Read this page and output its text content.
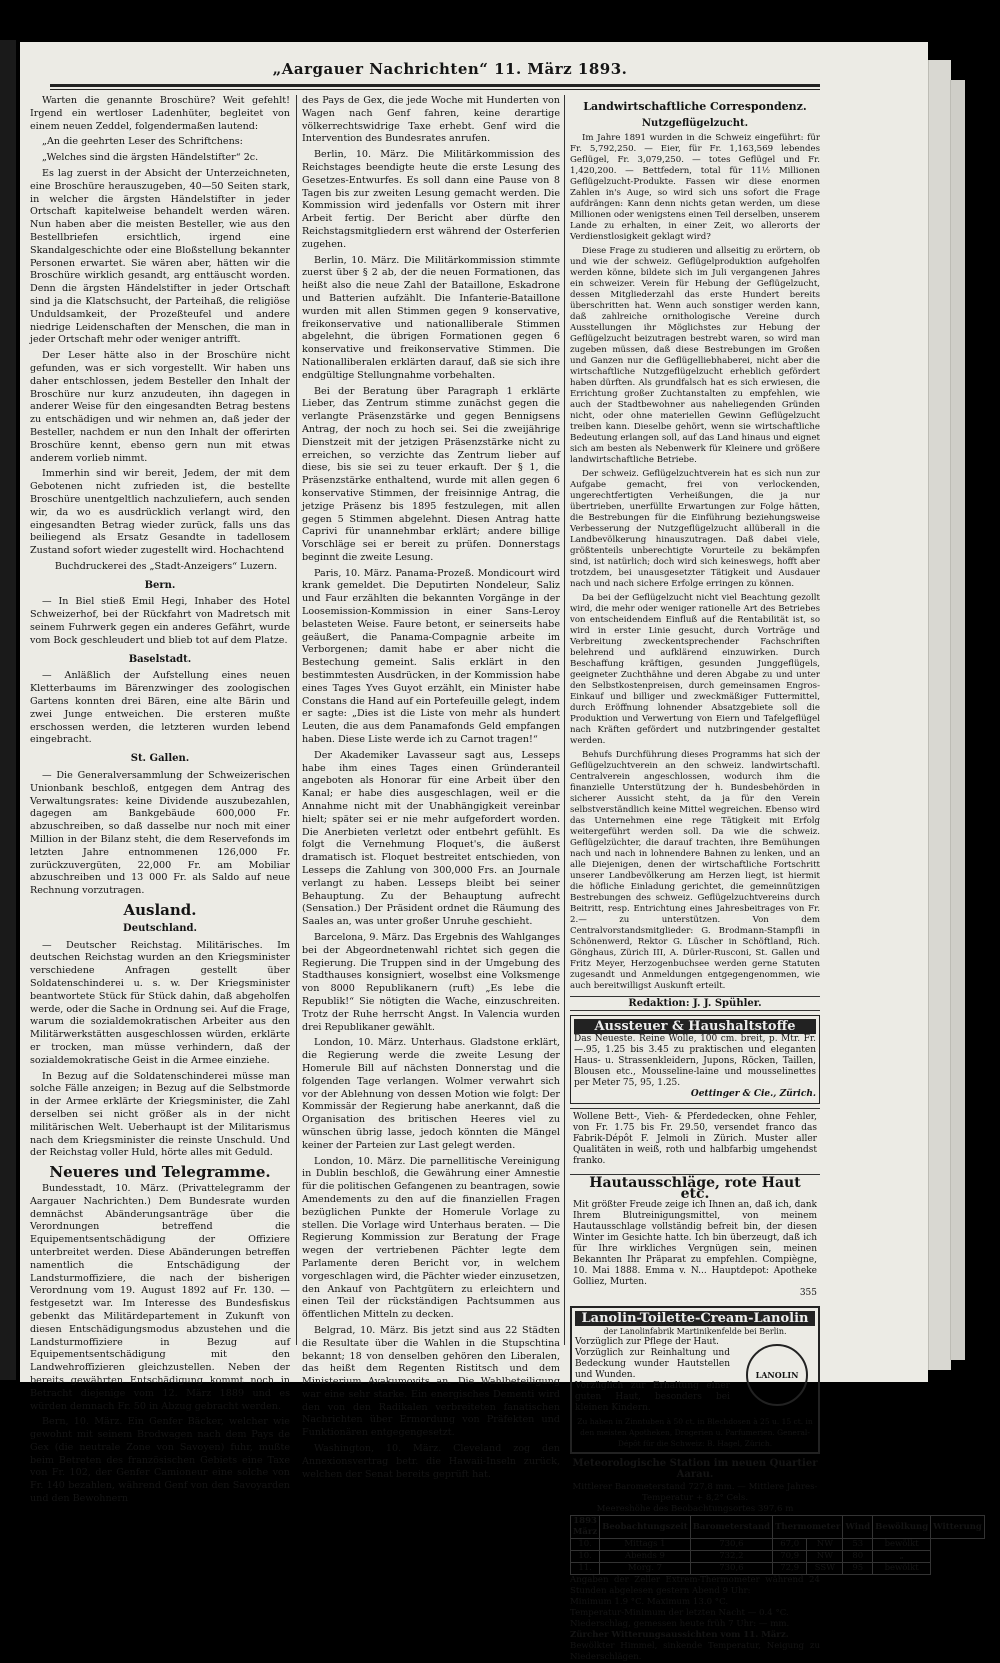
„Aargauer Nachrichten“ 11. März 1893.

Warten die genannte Broschüre? Weit gefehlt! Irgend ein wertloser Ladenhüter, begleitet von einem neuen Zeddel, folgendermaßen lautend:

„An die geehrten Leser des Schriftchens:

„Welches sind die ärgsten Händelstifter“ 2c.

Es lag zuerst in der Absicht der Unterzeichneten, eine Broschüre herauszugeben, 40—50 Seiten stark, in welcher die ärgsten Händelstifter in jeder Ortschaft kapitelweise behandelt werden wären. Nun haben aber die meisten Besteller, wie aus den Bestellbriefen ersichtlich, irgend eine Skandalgeschichte oder eine Bloßstellung bekannter Personen erwartet. Sie wären aber, hätten wir die Broschüre wirklich gesandt, arg enttäuscht worden. Denn die ärgsten Händelstifter in jeder Ortschaft sind ja die Klatschsucht, der Parteihaß, die religiöse Unduldsamkeit, der Prozeßteufel und andere niedrige Leidenschaften der Menschen, die man in jeder Ortschaft mehr oder weniger antrifft.

Der Leser hätte also in der Broschüre nicht gefunden, was er sich vorgestellt. Wir haben uns daher entschlossen, jedem Besteller den Inhalt der Broschüre nur kurz anzudeuten, ihn dagegen in anderer Weise für den eingesandten Betrag bestens zu entschädigen und wir nehmen an, daß jeder der Besteller, nachdem er nun den Inhalt der offerirten Broschüre kennt, ebenso gern nun mit etwas anderem vorlieb nimmt.

Immerhin sind wir bereit, Jedem, der mit dem Gebotenen nicht zufrieden ist, die bestellte Broschüre unentgeltlich nachzuliefern, auch senden wir, da wo es ausdrücklich verlangt wird, den eingesandten Betrag wieder zurück, falls uns das beiliegend als Ersatz Gesandte in tadellosem Zustand sofort wieder zugestellt wird. Hochachtend

Buchdruckerei des „Stadt-Anzeigers“ Luzern.

Bern.

— In Biel stieß Emil Hegi, Inhaber des Hotel Schweizerhof, bei der Rückfahrt von Madretsch mit seinem Fuhrwerk gegen ein anderes Gefährt, wurde vom Bock geschleudert und blieb tot auf dem Platze.

Baselstadt.

— Anläßlich der Aufstellung eines neuen Kletterbaums im Bärenzwinger des zoologischen Gartens konnten drei Bären, eine alte Bärin und zwei Junge entweichen. Die ersteren mußte erschossen werden, die letzteren wurden lebend eingebracht.

St. Gallen.

— Die Generalversammlung der Schweizerischen Unionbank beschloß, entgegen dem Antrag des Verwaltungsrates: keine Dividende auszubezahlen, dagegen am Bankgebäude 600,000 Fr. abzuschreiben, so daß dasselbe nur noch mit einer Million in der Bilanz steht, die dem Reservefonds im letzten Jahre entnommenen 126,000 Fr. zurückzuvergüten, 22,000 Fr. am Mobiliar abzuschreiben und 13 000 Fr. als Saldo auf neue Rechnung vorzutragen.

Ausland.
Deutschland.

— Deutscher Reichstag. Militärisches. Im deutschen Reichstag wurden an den Kriegsminister verschiedene Anfragen gestellt über Soldatenschinderei u. s. w. Der Kriegsminister beantwortete Stück für Stück dahin, daß abgeholfen werde, oder die Sache in Ordnung sei. Auf die Frage, warum die sozialdemokratischen Arbeiter aus den Militärwerkstätten ausgeschlossen würden, erklärte er trocken, man müsse verhindern, daß der sozialdemokratische Geist in die Armee einziehe.

In Bezug auf die Soldatenschinderei müsse man solche Fälle anzeigen; in Bezug auf die Selbstmorde in der Armee erklärte der Kriegsminister, die Zahl derselben sei nicht größer als in der nicht militärischen Welt. Ueberhaupt ist der Militarismus nach dem Kriegsminister die reinste Unschuld. Und der Reichstag voller Huld, hörte alles mit Geduld.

Neueres und Telegramme.

Bundesstadt, 10. März. (Privattelegramm der Aargauer Nachrichten.) Dem Bundesrate wurden demnächst Abänderungsanträge über die Verordnungen betreffend die Equipementsentschädigung der Offiziere unterbreitet werden. Diese Abänderungen betreffen namentlich die Entschädigung der Landsturmoffiziere, die nach der bisherigen Verordnung vom 19. August 1892 auf Fr. 130. — festgesetzt war. Im Interesse des Bundesfiskus gebenkt das Militärdepartement in Zukunft von diesen Entschädigungsmodus abzustehen und die Landsturmoffiziere in Bezug auf Equipementsentschädigung mit den Landwehroffizieren gleichzustellen. Neben der bereits gewährten Entschädigung kommt noch in Betracht diejenige vom 12. März 1889 und es würden demnach Fr. 50 in Abzug gebracht werden.

Bern, 10. März. Ein Genfer Bäcker, welcher wie gewohnt mit seinem Brodwagen nach dem Pays de Gex (die neutrale Zone von Savoyen) fuhr, mußte beim Betreten des französischen Gebiets eine Taxe von Fr. 102, der Genfer Camioneur eine solche von Fr. 140 bezahlen, während Genf von den Savoyarden und den Bewohnern

des Pays de Gex, die jede Woche mit Hunderten von Wagen nach Genf fahren, keine derartige völkerrechtswidrige Taxe erhebt. Genf wird die Intervention des Bundesrates anrufen.

Berlin, 10. März. Die Militärkommission des Reichstages beendigte heute die erste Lesung des Gesetzes-Entwurfes. Es soll dann eine Pause von 8 Tagen bis zur zweiten Lesung gemacht werden. Die Kommission wird jedenfalls vor Ostern mit ihrer Arbeit fertig. Der Bericht aber dürfte den Reichstagsmitgliedern erst während der Osterferien zugehen.

Berlin, 10. März. Die Militärkommission stimmte zuerst über § 2 ab, der die neuen Formationen, das heißt also die neue Zahl der Bataillone, Eskadrone und Batterien aufzählt. Die Infanterie-Bataillone wurden mit allen Stimmen gegen 9 konservative, freikonservative und nationalliberale Stimmen abgelehnt, die übrigen Formationen gegen 6 konservative und freikonservative Stimmen. Die Nationalliberalen erklärten darauf, daß sie sich ihre endgültige Stellungnahme vorbehalten.

Bei der Beratung über Paragraph 1 erklärte Lieber, das Zentrum stimme zunächst gegen die verlangte Präsenzstärke und gegen Bennigsens Antrag, der noch zu hoch sei. Sei die zweijährige Dienstzeit mit der jetzigen Präsenzstärke nicht zu erreichen, so verzichte das Zentrum lieber auf diese, bis sie sei zu teuer erkauft. Der § 1, die Präsenzstärke enthaltend, wurde mit allen gegen 6 konservative Stimmen, der freisinnige Antrag, die jetzige Präsenz bis 1895 festzulegen, mit allen gegen 5 Stimmen abgelehnt. Diesen Antrag hatte Caprivi für unannehmbar erklärt; andere billige Vorschläge sei er bereit zu prüfen. Donnerstags beginnt die zweite Lesung.

Paris, 10. März. Panama-Prozeß. Mondicourt wird krank gemeldet. Die Deputirten Nondeleur, Saliz und Faur erzählten die bekannten Vorgänge in der Loosemission-Kommission in einer Sans-Leroy belasteten Weise. Faure betont, er seinerseits habe geäußert, die Panama-Compagnie arbeite im Verborgenen; damit habe er aber nicht die Bestechung gemeint. Salis erklärt in den bestimmtesten Ausdrücken, in der Kommission habe eines Tages Yves Guyot erzählt, ein Minister habe Constans die Hand auf ein Portefeuille gelegt, indem er sagte: „Dies ist die Liste von mehr als hundert Leuten, die aus dem Panamafonds Geld empfangen haben. Diese Liste werde ich zu Carnot tragen!“

Der Akademiker Lavasseur sagt aus, Lesseps habe ihm eines Tages einen Gründeranteil angeboten als Honorar für eine Arbeit über den Kanal; er habe dies ausgeschlagen, weil er die Annahme nicht mit der Unabhängigkeit vereinbar hielt; später sei er nie mehr aufgefordert worden. Die Anerbieten verletzt oder entbehrt gefühlt. Es folgt die Vernehmung Floquet's, die äußerst dramatisch ist. Floquet bestreitet entschieden, von Lesseps die Zahlung von 300,000 Frs. an Journale verlangt zu haben. Lesseps bleibt bei seiner Behauptung. Zu der Behauptung aufrecht (Sensation.) Der Präsident ordnet die Räumung des Saales an, was unter großer Unruhe geschieht.

Barcelona, 9. März. Das Ergebnis des Wahlganges bei der Abgeordnetenwahl richtet sich gegen die Regierung. Die Truppen sind in der Umgebung des Stadthauses konsigniert, woselbst eine Volksmenge von 8000 Republikanern (ruft) „Es lebe die Republik!“ Sie nötigten die Wache, einzuschreiten. Trotz der Ruhe herrscht Angst. In Valencia wurden drei Republikaner gewählt.

London, 10. März. Unterhaus. Gladstone erklärt, die Regierung werde die zweite Lesung der Homerule Bill auf nächsten Donnerstag und die folgenden Tage verlangen. Wolmer verwahrt sich vor der Ablehnung von dessen Motion wie folgt: Der Kommissär der Regierung habe anerkannt, daß die Organisation des britischen Heeres viel zu wünschen übrig lasse, jedoch könnten die Mängel keiner der Parteien zur Last gelegt werden.

London, 10. März. Die parnellitische Vereinigung in Dublin beschloß, die Gewährung einer Amnestie für die politischen Gefangenen zu beantragen, sowie Amendements zu den auf die finanziellen Fragen bezüglichen Punkte der Homerule Vorlage zu stellen. Die Vorlage wird Unterhaus beraten. — Die Regierung Kommission zur Beratung der Frage wegen der vertriebenen Pächter legte dem Parlamente deren Bericht vor, in welchem vorgeschlagen wird, die Pächter wieder einzusetzen, den Ankauf von Pachtgütern zu erleichtern und einen Teil der rückständigen Pachtsummen aus öffentlichen Mitteln zu decken.

Belgrad, 10. März. Bis jetzt sind aus 22 Städten die Resultate über die Wahlen in die Stupschtina bekannt; 18 von denselben gehören den Liberalen, das heißt dem Regenten Ristitsch und dem Ministerium Avakumovits an. Die Wahlbeteiligung war eine sehr starke. Ein energisches Dementi wird den von den Radikalen verbreiteten fanatischen Nachrichten über Ermordung von Präfekten und Funktionären entgegengesetzt.

Washington, 10. März. Cleveland zog den Annexionsvertrag betr. die Hawaii-Inseln zurück, welchen der Senat bereits geprüft hat.

Landwirtschaftliche Correspondenz.
Nutzgeflügelzucht.

Im Jahre 1891 wurden in die Schweiz eingeführt: für Fr. 5,792,250. — Eier, für Fr. 1,163,569 lebendes Geflügel, Fr. 3,079,250. — totes Geflügel und Fr. 1,420,200. — Bettfedern, total für 11½ Millionen Geflügelzucht-Produkte. Fassen wir diese enormen Zahlen in's Auge, so wird sich uns sofort die Frage aufdrängen: Kann denn nichts getan werden, um diese Millionen oder wenigstens einen Teil derselben, unserem Lande zu erhalten, in einer Zeit, wo allerorts der Verdienstlosigkeit geklagt wird?

Diese Frage zu studieren und allseitig zu erörtern, ob und wie der schweiz. Geflügelproduktion aufgeholfen werden könne, bildete sich im Juli vergangenen Jahres ein schweizer. Verein für Hebung der Geflügelzucht, dessen Mitgliederzahl das erste Hundert bereits überschritten hat. Wenn auch sonstiger werden kann, daß zahlreiche ornithologische Vereine durch Ausstellungen ihr Möglichstes zur Hebung der Geflügelzucht beizutragen bestrebt waren, so wird man zugeben müssen, daß diese Bestrebungen im Großen und Ganzen nur die Geflügelliebhaberei, nicht aber die wirtschaftliche Nutzgeflügelzucht erheblich gefördert haben dürften. Als grundfalsch hat es sich erwiesen, die Errichtung großer Zuchtanstalten zu empfehlen, wie auch der Stadtbewohner aus naheliegenden Gründen nicht, oder ohne materiellen Gewinn Geflügelzucht treiben kann. Dieselbe gehört, wenn sie wirtschaftliche Bedeutung erlangen soll, auf das Land hinaus und eignet sich am besten als Nebenwerk für Kleinere und größere landwirtschaftliche Betriebe.

Der schweiz. Geflügelzuchtverein hat es sich nun zur Aufgabe gemacht, frei von verlockenden, ungerechtfertigten Verheißungen, die ja nur übertrieben, unerfüllte Erwartungen zur Folge hätten, die Bestrebungen für die Einführung beziehungsweise Verbesserung der Nutzgeflügelzucht allüberall in die Landbevölkerung hinauszutragen. Daß dabei viele, größtenteils unberechtigte Vorurteile zu bekämpfen sind, ist natürlich; doch wird sich keineswegs, hofft aber trotzdem, bei unausgesetzter Tätigkeit und Ausdauer nach und nach sichere Erfolge erringen zu können.

Da bei der Geflügelzucht nicht viel Beachtung gezollt wird, die mehr oder weniger rationelle Art des Betriebes von entscheidendem Einfluß auf die Rentabilität ist, so wird in erster Linie gesucht, durch Vorträge und Verbreitung zweckentsprechender Fachschriften belehrend und aufklärend einzuwirken. Durch Beschaffung kräftigen, gesunden Junggeflügels, geeigneter Zuchthähne und deren Abgabe zu und unter den Selbstkostenpreisen, durch gemeinsamen Engros-Einkauf und billiger und zweckmäßiger Futtermittel, durch Eröffnung lohnender Absatzgebiete soll die Produktion und Verwertung von Eiern und Tafelgeflügel nach Kräften gefördert und nutzbringender gestaltet werden.

Behufs Durchführung dieses Programms hat sich der Geflügelzuchtverein an den schweiz. landwirtschaftl. Centralverein angeschlossen, wodurch ihm die finanzielle Unterstützung der h. Bundesbehörden in sicherer Aussicht steht, da ja für den Verein selbstverständlich keine Mittel wegreichen. Ebenso wird das Unternehmen eine rege Tätigkeit mit Erfolg weitergeführt werden soll. Da wie die schweiz. Geflügelzüchter, die darauf trachten, ihre Bemühungen nach und nach in lohnendere Bahnen zu lenken, und an alle Diejenigen, denen der wirtschaftliche Fortschritt unserer Landbevölkerung am Herzen liegt, ist hiermit die höfliche Einladung gerichtet, die gemeinnützigen Bestrebungen des schweiz. Geflügelzuchtvereins durch Beitritt, resp. Entrichtung eines Jahresbeitrages von Fr. 2.— zu unterstützen. Von dem Centralvorstandsmitglieder: G. Brodmann-Stampfli in Schönenwerd, Rektor G. Lüscher in Schöftland, Rich. Gönghaus, Zürich III, A. Dürler-Rusconi, St. Gallen und Fritz Meyer, Herzogenbuchsee werden gerne Statuten zugesandt und Anmeldungen entgegengenommen, wie auch bereitwilligst Auskunft erteilt.

Redaktion: J. J. Spühler.
Aussteuer & Haushaltstoffe
Das Neueste. Reine Wolle, 100 cm. breit, p. Mtr. Fr. —.95, 1.25 bis 3.45 zu praktischen und eleganten Haus- u. Strassenkleidern, Jupons, Röcken, Taillen, Blousen etc., Mousseline-laine und mousselinettes per Meter 75, 95, 1.25.
Oettinger & Cie., Zürich.
Wollene Bett-, Vieh- & Pferdedecken, ohne Fehler, von Fr. 1.75 bis Fr. 29.50, versendet franco das Fabrik-Dépôt F. Jelmoli in Zürich. Muster aller Qualitäten in weiß, roth und halbfarbig umgehendst franko.
Hautausschläge, rote Haut etc.
Mit größter Freude zeige ich Ihnen an, daß ich, dank Ihrem Blutreinigungsmittel, von meinem Hautausschlage vollständig befreit bin, der diesen Winter im Gesichte hatte. Ich bin überzeugt, daß ich für Ihre wirkliches Vergnügen sein, meinen Bekannten Ihr Präparat zu empfehlen. Compiègne, 10. Mai 1888. Emma v. N... Hauptdepot: Apotheke Golliez, Murten.
355
Lanolin-Toilette-Cream-Lanolin
der Lanolinfabrik Martinikenfelde bei Berlin.
Vorzüglich zur Pflege der Haut.
Vorzüglich zur Reinhaltung und Bedeckung wunder Hautstellen und Wunden.
Vorzüglich zur Erhaltung einer guten Haut, besonders bei kleinen Kindern.
LANOLIN
Zu haben in Zinntuben à 50 ct. in Blechdosen à 25 u. 15 ct. in den meisten Apotheken, Drogerien u. Parfumerien. General-Dépôt für die Schweiz: B. Hagel, Zürich.
Meteorologische Station im neuen Quartier Aarau.
Mittlerer Barometerstand 727,8 mm. — Mittlere Jahres-Temperatur + 8,2° Cels.
Meereshöhe des Beobachtungsortes 397,6 m
1893 März	Beobachtungszeit	Barometerstand	Thermometer		Wind	Bewölkung	Witterung
10.	Mittags 1	730,6	67,0	NW	53	bewölkt	
10.	Abends 9	732,2	70,9	NW	80	„	
11.	Morg. 7	730,6	72,9	SSW	95	bewölkt	
Angaben der Zeller Extrem-Thermometer während 24 Stunden abgelesen gestern Abend 9 Uhr:
Minimum 1.9 °C. Maximum 13.0 °C.
Temperatur-Minimum der letzten Nacht — 0.4 °C.
Niederschlag, gemessen heute früh 7 Uhr: — mm.
Zürcher Witterungsaussichten vom 11. März.
Bewölkter Himmel, sinkende Temperatur, Neigung zu Niederschlägen.
